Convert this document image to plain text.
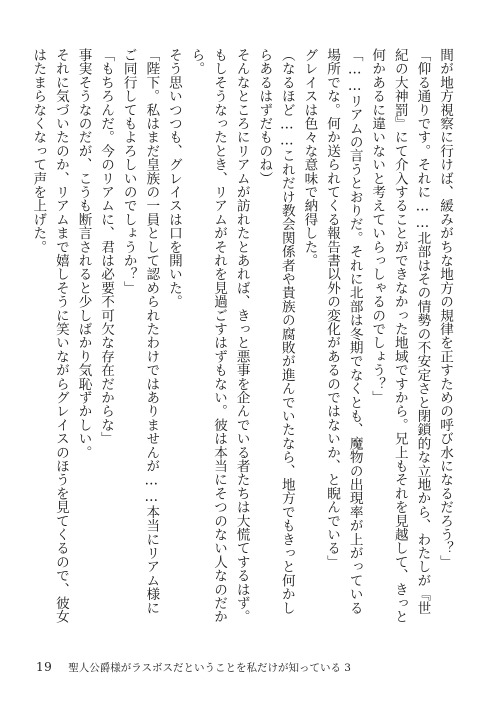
間が地方視察に行けば、緩みがちな地方の規律を正すための呼び水になるだろう？」

「仰る通りです。それに……北部はその情勢の不安定さと閉鎖的な立地から、わたしが『世紀の大神罰』にて介入することができなかった地域ですから。兄上もそれを見越して、きっと何かあるに違いないと考えていらっしゃるのでしょう？」

「……リアムの言うとおりだ。それに北部は冬期でなくとも、魔物の出現率が上がっている場所でな。何か送られてくる報告書以外の変化があるのではないか、と睨んでいる」

グレイスは色々な意味で納得した。

（なるほど……これだけ教会関係者や貴族の腐敗が進んでいたなら、地方でもきっと何かしらあるはずだものね）

そんなところにリアムが訪れたとあれば、きっと悪事を企んでいる者たちは大慌てするはず。

もしそうなったとき、リアムがそれを見過ごすはずもない。彼は本当にそつのない人なのだから。

そう思いつつも、グレイスは口を開いた。

「陛下。私はまだ皇族の一員として認められたわけではありませんが……本当にリアム様にご同行してもよろしいのでしょうか？」

「もちろんだ。今のリアムに、君は必要不可欠な存在だからな」

事実そうなのだが、こうも断言されると少しばかり気恥ずかしい。

それに気づいたのか、リアムまで嬉しそうに笑いながらグレイスのほうを見てくるので、彼女はたまらなくなって声を上げた。

19 聖人公爵様がラスボスだということを私だけが知っている 3
